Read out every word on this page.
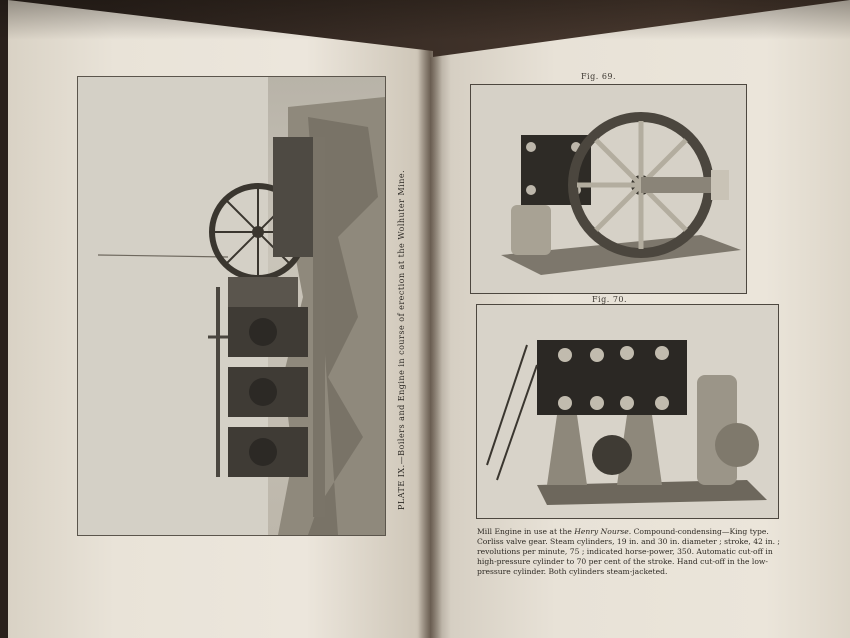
PLATE IX.—Boilers and Engine in course of erection at the Wolhuter Mine.
Fig. 69.
Fig. 70.
Mill Engine in use at the Henry Nourse. Compound-condensing—King type. Corliss valve gear. Steam cylinders, 19 in. and 30 in. diameter ; stroke, 42 in. ; revolutions per minute, 75 ; indicated horse-power, 350. Automatic cut-off in high-pressure cylinder to 70 per cent of the stroke. Hand cut-off in the low-pressure cylinder. Both cylinders steam-jacketed.
